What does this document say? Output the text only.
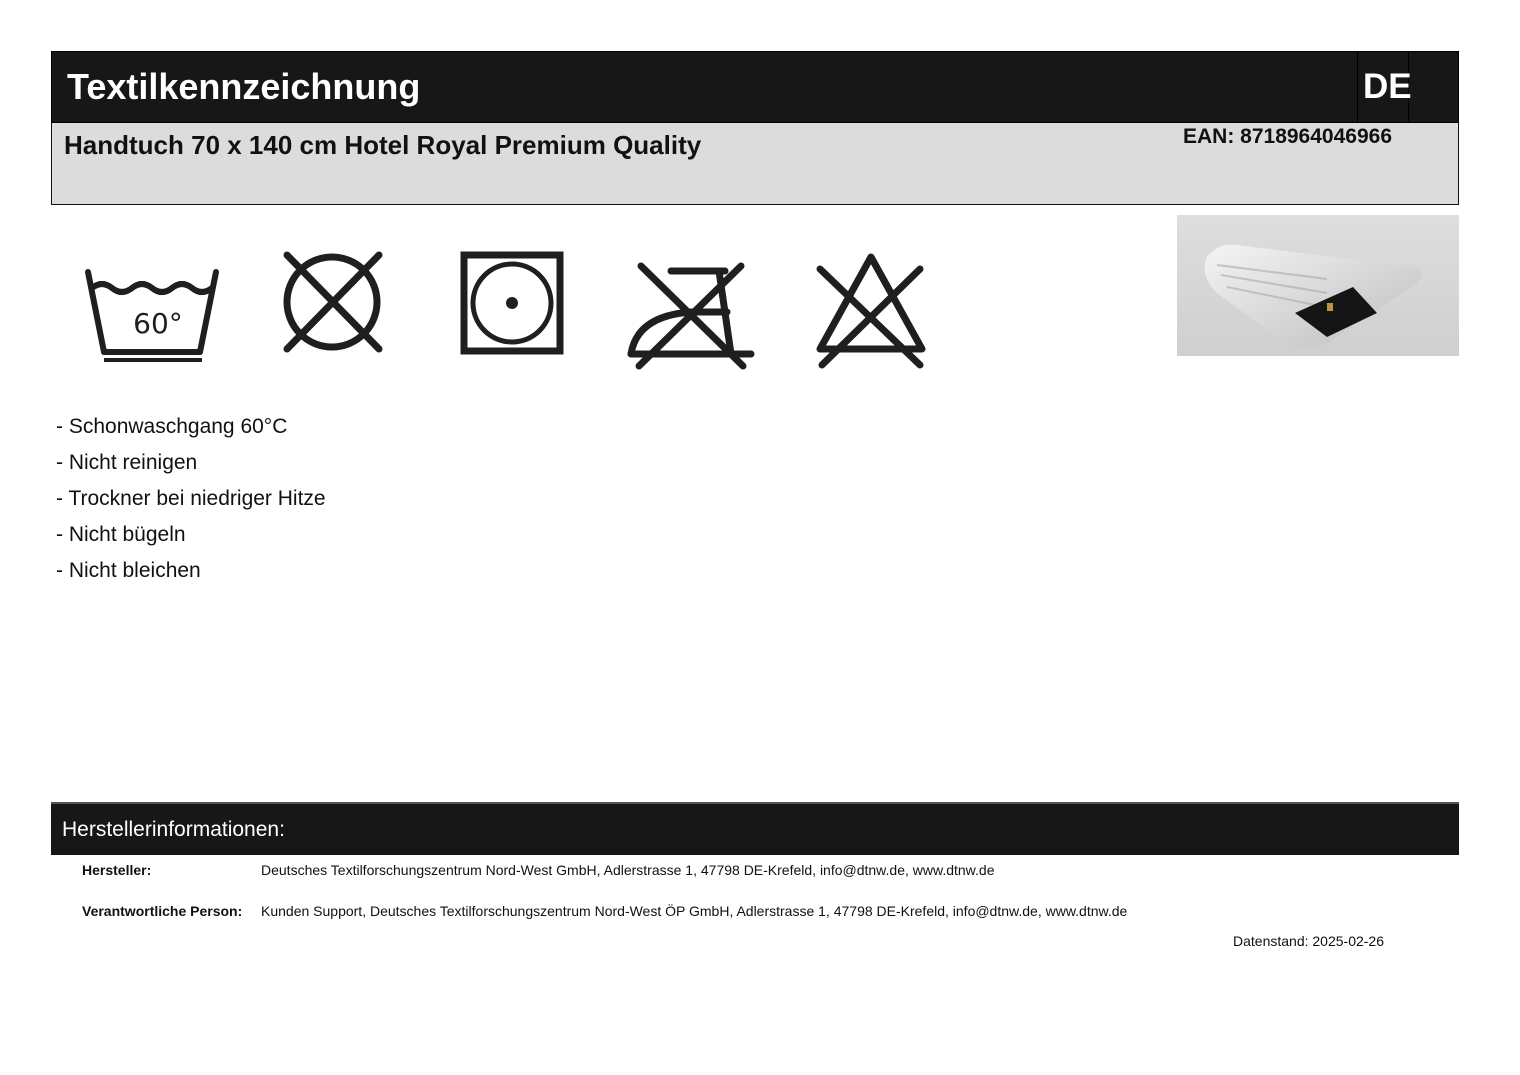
Textilkennzeichnung	DE
Handtuch 70 x 140 cm Hotel Royal Premium Quality	EAN: 8718964046966
60°
- Schonwaschgang 60°C
- Nicht reinigen
- Trockner bei niedriger Hitze
- Nicht bügeln
- Nicht bleichen
Herstellerinformationen:
Hersteller:	Deutsches Textilforschungszentrum Nord-West GmbH, Adlerstrasse 1, 47798 DE-Krefeld, info@dtnw.de, www.dtnw.de
Verantwortliche Person: Kunden Support, Deutsches Textilforschungszentrum Nord-West ÖP GmbH, Adlerstrasse 1, 47798 DE-Krefeld, info@dtnw.de, www.dtnw.de
Datenstand: 2025-02-26
